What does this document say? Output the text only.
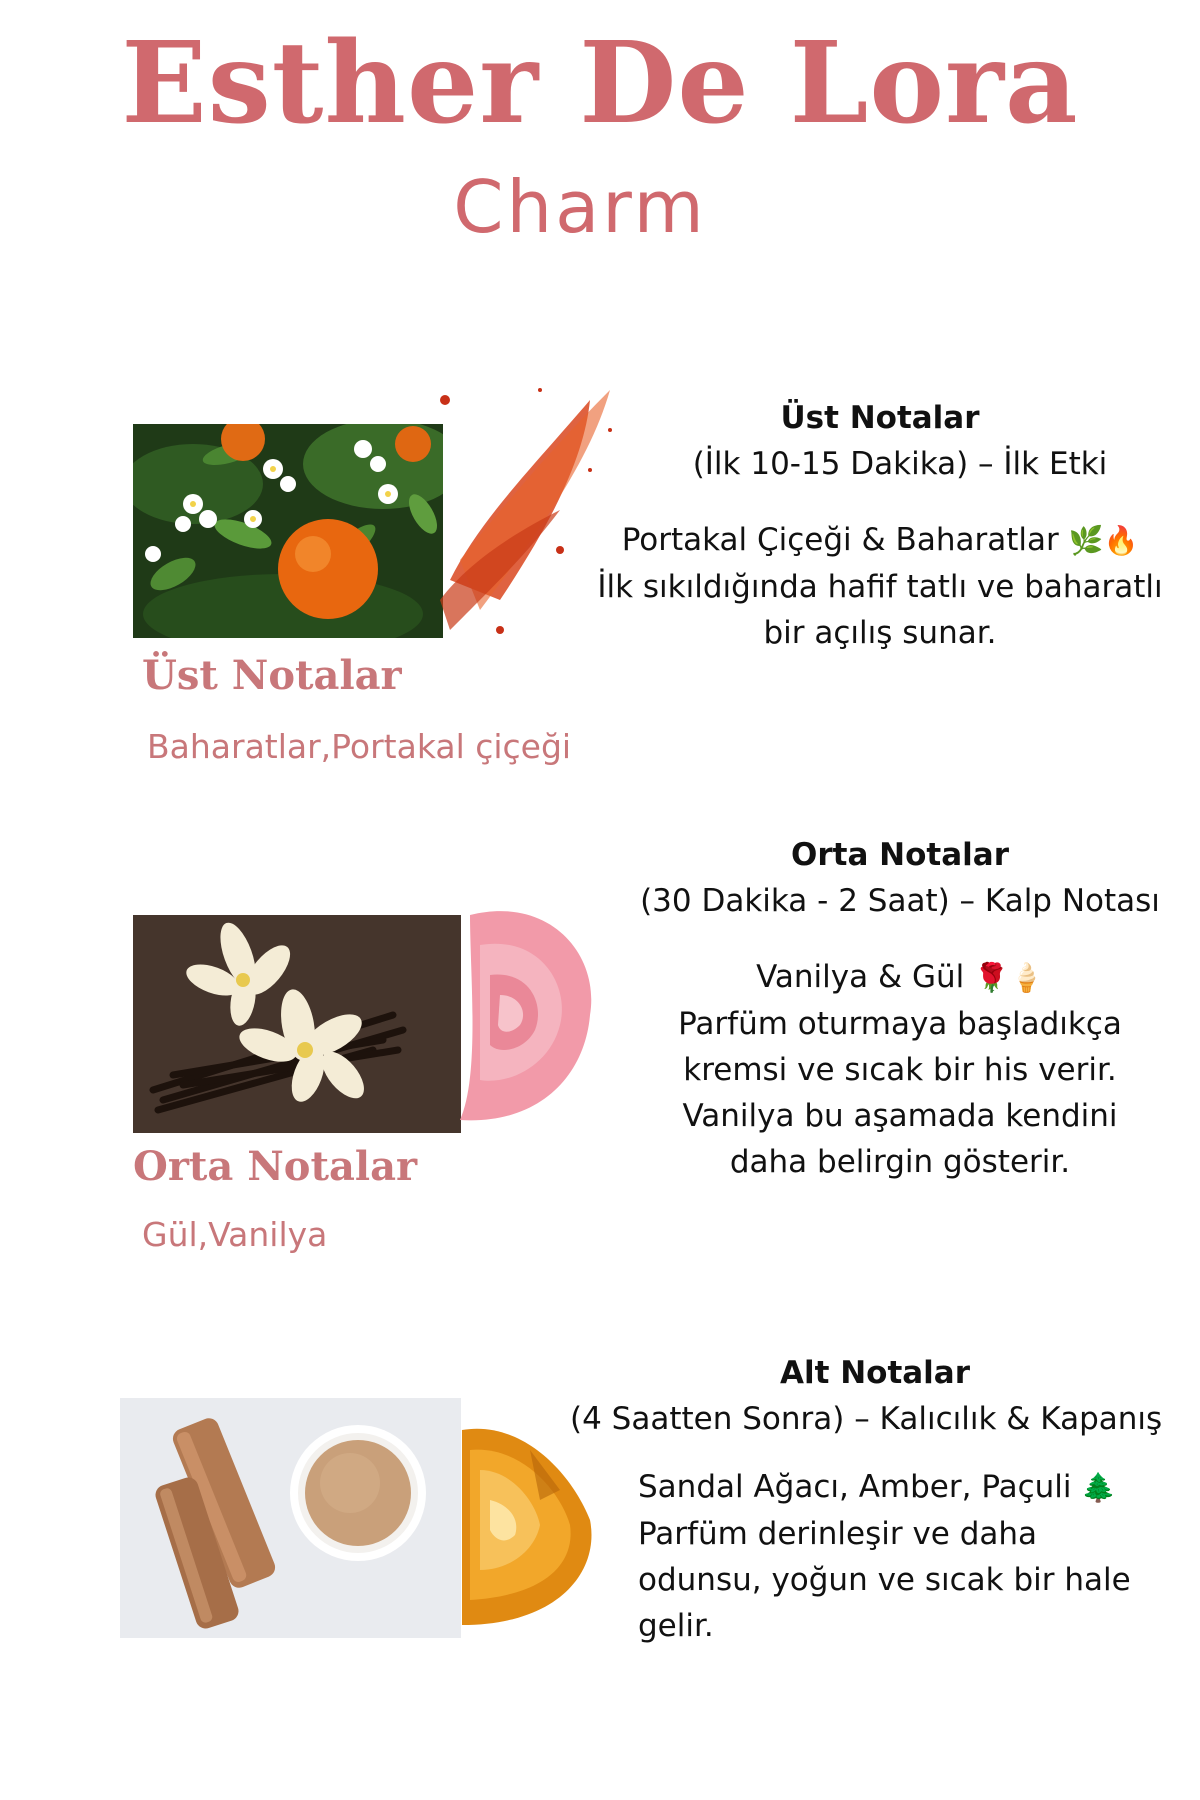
Esther De Lora
Charm
Üst Notalar
Baharatlar,Portakal çiçeği
Üst Notalar
(İlk 10-15 Dakika) – İlk Etki
Portakal Çiçeği & Baharatlar 🌿🔥
İlk sıkıldığında hafif tatlı ve baharatlı
bir açılış sunar.
Orta Notalar
Gül,Vanilya
Orta Notalar
(30 Dakika - 2 Saat) – Kalp Notası
Vanilya & Gül 🌹🍦
Parfüm oturmaya başladıkça
kremsi ve sıcak bir his verir.
Vanilya bu aşamada kendini
daha belirgin gösterir.
Alt Notalar
(4 Saatten Sonra) – Kalıcılık & Kapanış
Sandal Ağacı, Amber, Paçuli 🌲
Parfüm derinleşir ve daha
odunsu, yoğun ve sıcak bir hale
gelir.
